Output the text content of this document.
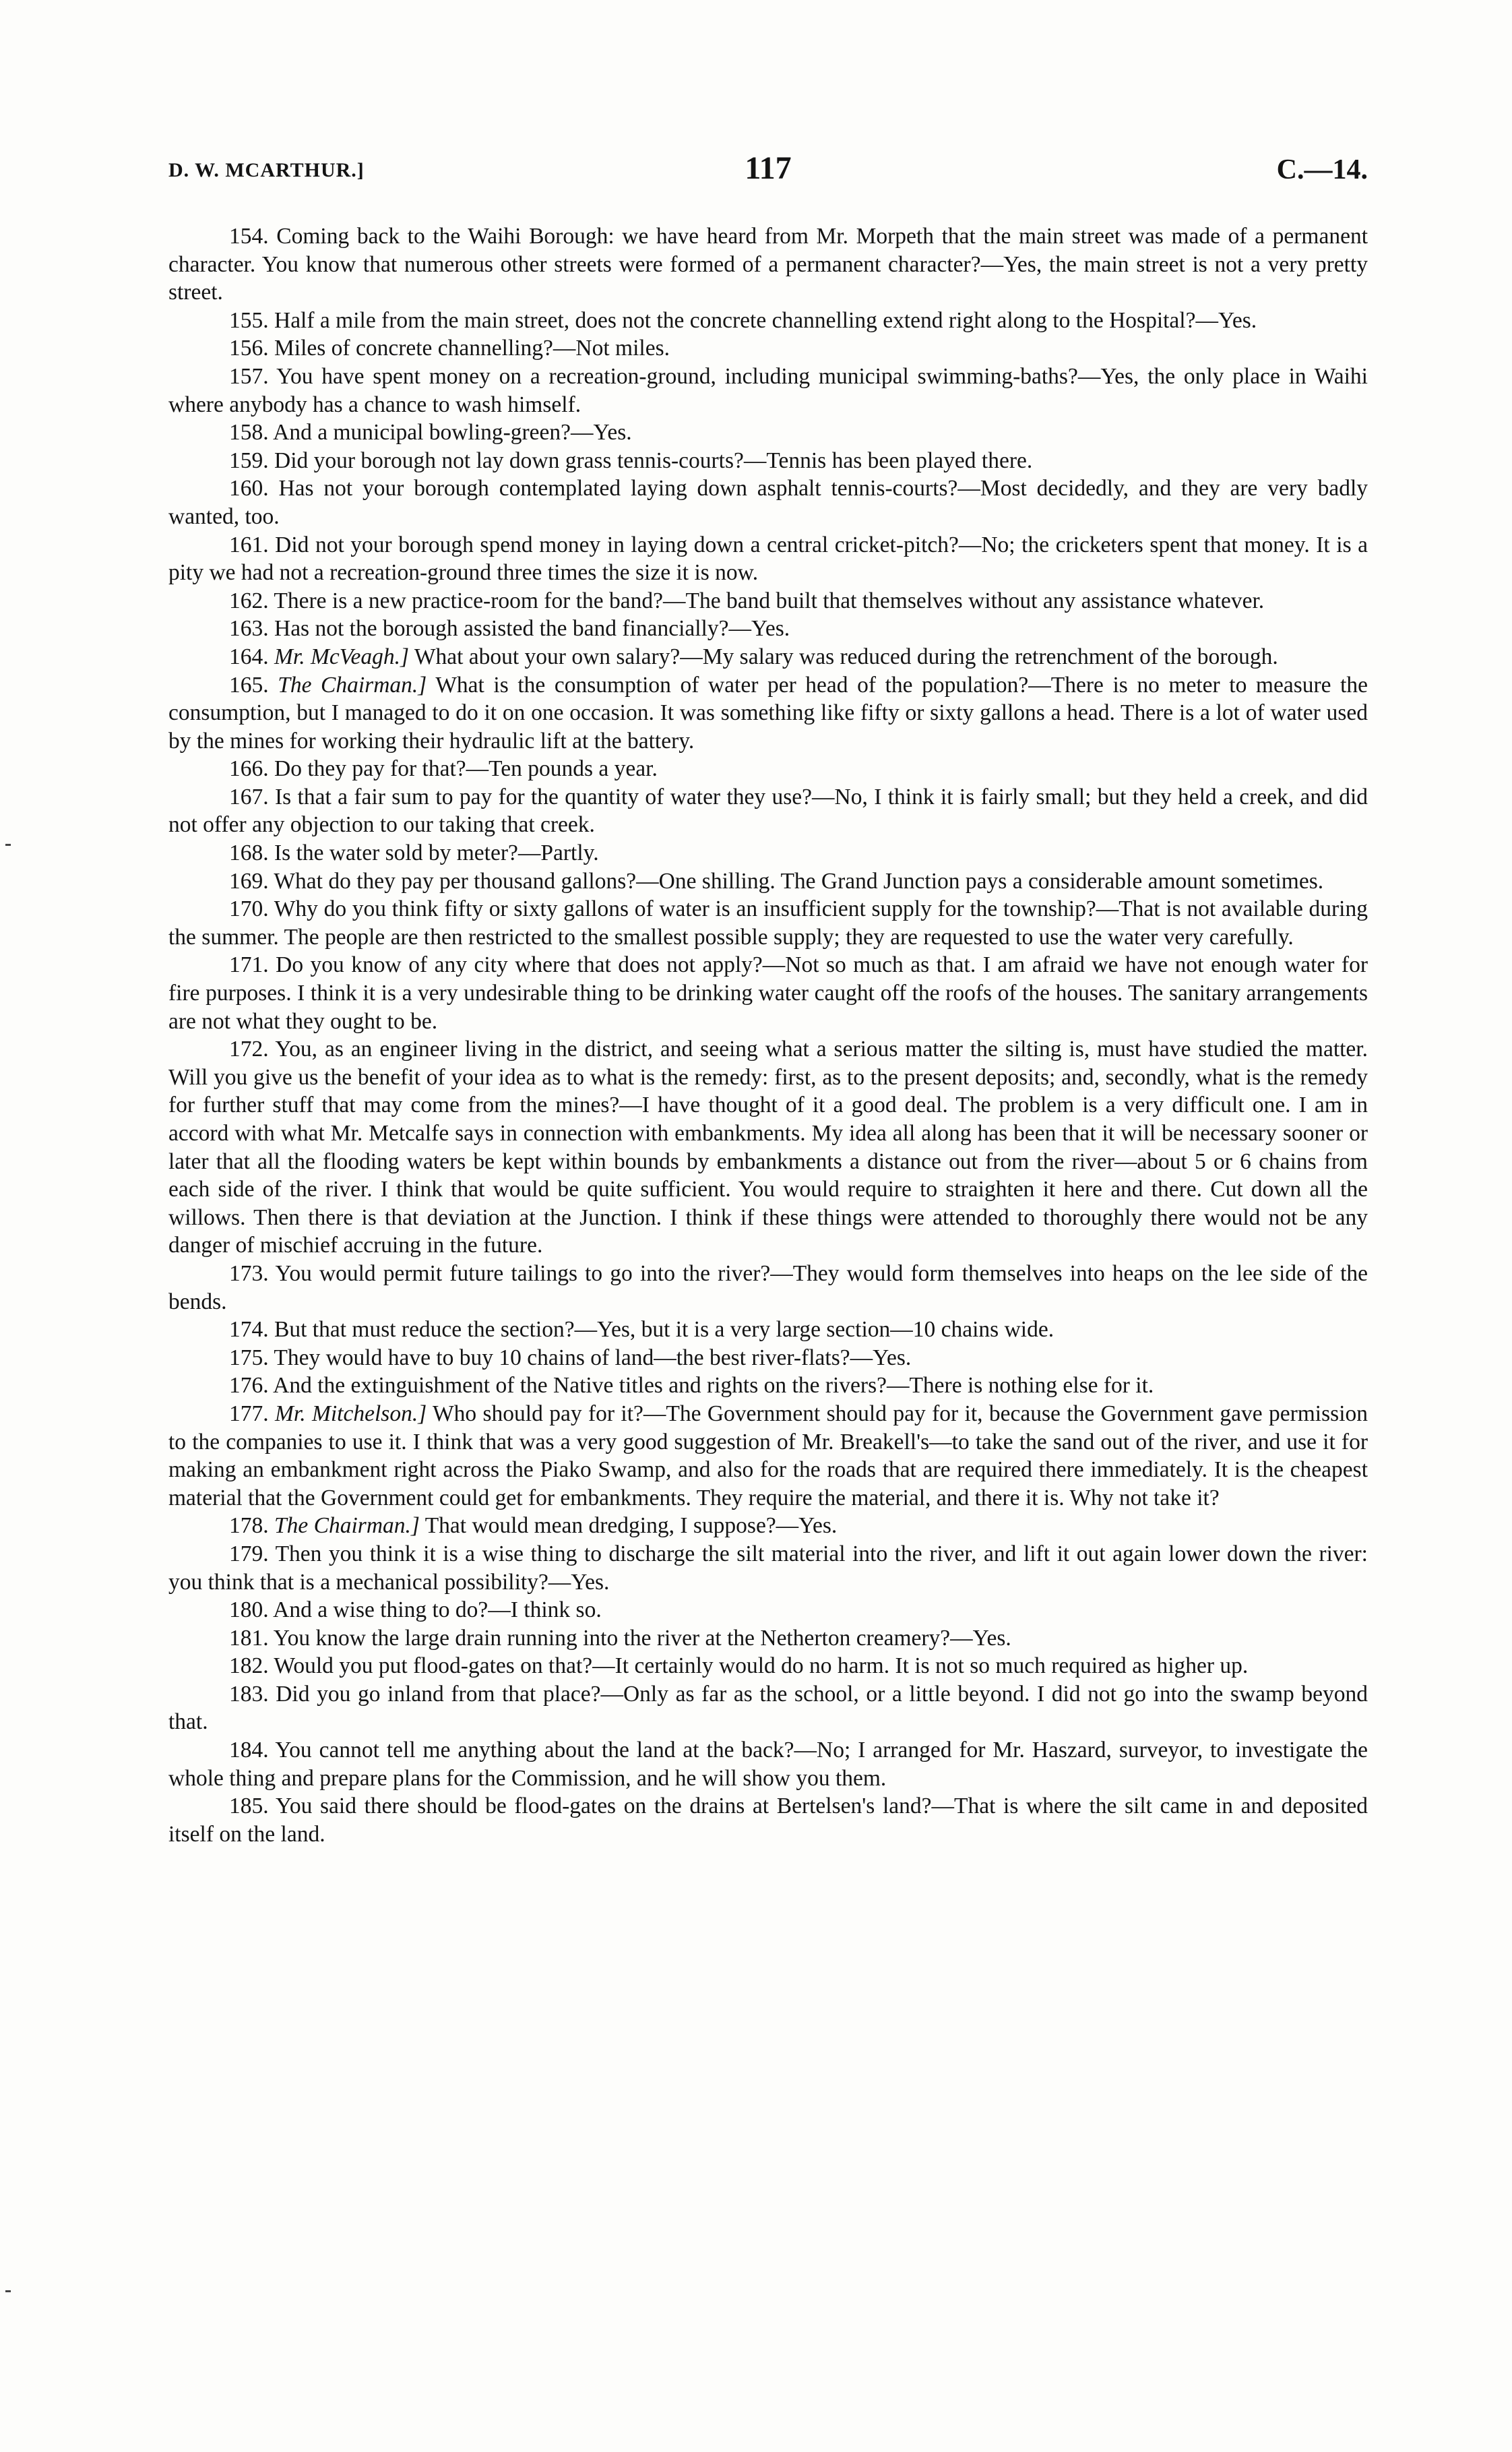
D. W. MCARTHUR.]	117	C.—14.

154. Coming back to the Waihi Borough: we have heard from Mr. Morpeth that the main street was made of a permanent character. You know that numerous other streets were formed of a permanent character?—Yes, the main street is not a very pretty street.

155. Half a mile from the main street, does not the concrete channelling extend right along to the Hospital?—Yes.

156. Miles of concrete channelling?—Not miles.

157. You have spent money on a recreation-ground, including municipal swimming-baths?—Yes, the only place in Waihi where anybody has a chance to wash himself.

158. And a municipal bowling-green?—Yes.

159. Did your borough not lay down grass tennis-courts?—Tennis has been played there.

160. Has not your borough contemplated laying down asphalt tennis-courts?—Most decidedly, and they are very badly wanted, too.

161. Did not your borough spend money in laying down a central cricket-pitch?—No; the cricketers spent that money. It is a pity we had not a recreation-ground three times the size it is now.

162. There is a new practice-room for the band?—The band built that themselves without any assistance whatever.

163. Has not the borough assisted the band financially?—Yes.

164. Mr. McVeagh.] What about your own salary?—My salary was reduced during the retrenchment of the borough.

165. The Chairman.] What is the consumption of water per head of the population?—There is no meter to measure the consumption, but I managed to do it on one occasion. It was something like fifty or sixty gallons a head. There is a lot of water used by the mines for working their hydraulic lift at the battery.

166. Do they pay for that?—Ten pounds a year.

167. Is that a fair sum to pay for the quantity of water they use?—No, I think it is fairly small; but they held a creek, and did not offer any objection to our taking that creek.

168. Is the water sold by meter?—Partly.

169. What do they pay per thousand gallons?—One shilling. The Grand Junction pays a considerable amount sometimes.

170. Why do you think fifty or sixty gallons of water is an insufficient supply for the township?—That is not available during the summer. The people are then restricted to the smallest possible supply; they are requested to use the water very carefully.

171. Do you know of any city where that does not apply?—Not so much as that. I am afraid we have not enough water for fire purposes. I think it is a very undesirable thing to be drinking water caught off the roofs of the houses. The sanitary arrangements are not what they ought to be.

172. You, as an engineer living in the district, and seeing what a serious matter the silting is, must have studied the matter. Will you give us the benefit of your idea as to what is the remedy: first, as to the present deposits; and, secondly, what is the remedy for further stuff that may come from the mines?—I have thought of it a good deal. The problem is a very difficult one. I am in accord with what Mr. Metcalfe says in connection with embankments. My idea all along has been that it will be necessary sooner or later that all the flooding waters be kept within bounds by embankments a distance out from the river—about 5 or 6 chains from each side of the river. I think that would be quite sufficient. You would require to straighten it here and there. Cut down all the willows. Then there is that deviation at the Junction. I think if these things were attended to thoroughly there would not be any danger of mischief accruing in the future.

173. You would permit future tailings to go into the river?—They would form themselves into heaps on the lee side of the bends.

174. But that must reduce the section?—Yes, but it is a very large section—10 chains wide.

175. They would have to buy 10 chains of land—the best river-flats?—Yes.

176. And the extinguishment of the Native titles and rights on the rivers?—There is nothing else for it.

177. Mr. Mitchelson.] Who should pay for it?—The Government should pay for it, because the Government gave permission to the companies to use it. I think that was a very good suggestion of Mr. Breakell's—to take the sand out of the river, and use it for making an embankment right across the Piako Swamp, and also for the roads that are required there immediately. It is the cheapest material that the Government could get for embankments. They require the material, and there it is. Why not take it?

178. The Chairman.] That would mean dredging, I suppose?—Yes.

179. Then you think it is a wise thing to discharge the silt material into the river, and lift it out again lower down the river: you think that is a mechanical possibility?—Yes.

180. And a wise thing to do?—I think so.

181. You know the large drain running into the river at the Netherton creamery?—Yes.

182. Would you put flood-gates on that?—It certainly would do no harm. It is not so much required as higher up.

183. Did you go inland from that place?—Only as far as the school, or a little beyond. I did not go into the swamp beyond that.

184. You cannot tell me anything about the land at the back?—No; I arranged for Mr. Haszard, surveyor, to investigate the whole thing and prepare plans for the Commission, and he will show you them.

185. You said there should be flood-gates on the drains at Bertelsen's land?—That is where the silt came in and deposited itself on the land.
